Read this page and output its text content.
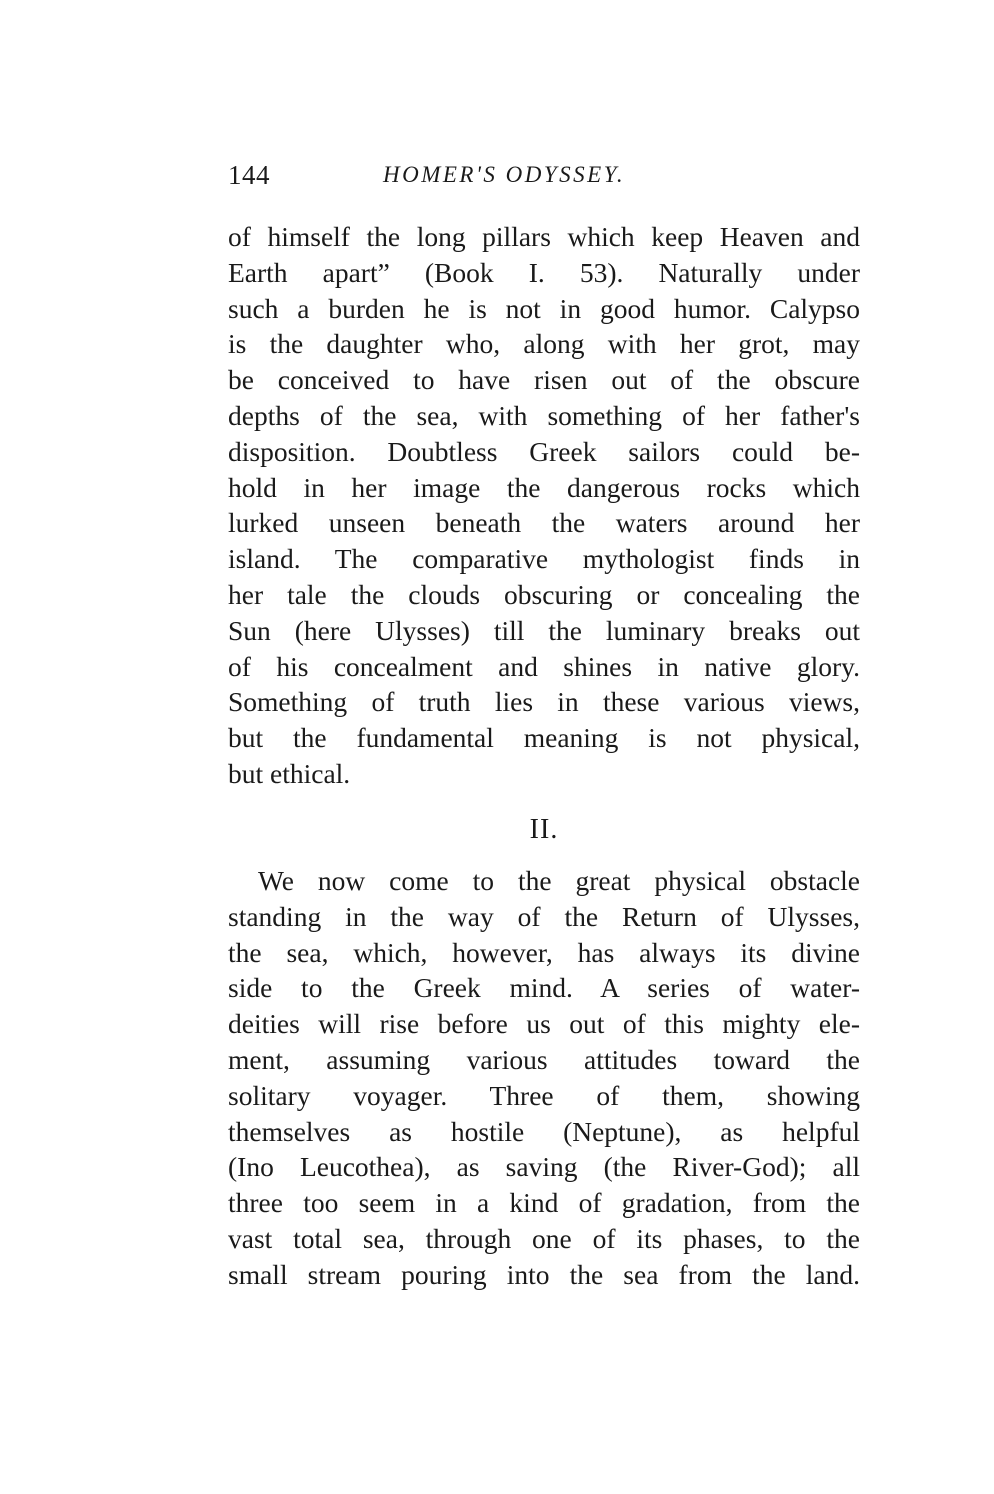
144	HOMER'S ODYSSEY.
of himself the long pillars which keep Heaven and
Earth apart” (Book I. 53). Naturally under
such a burden he is not in good humor. Calypso
is the daughter who, along with her grot, may
be conceived to have risen out of the obscure
depths of the sea, with something of her father's
disposition. Doubtless Greek sailors could be-
hold in her image the dangerous rocks which
lurked unseen beneath the waters around her
island. The comparative mythologist finds in
her tale the clouds obscuring or concealing the
Sun (here Ulysses) till the luminary breaks out
of his concealment and shines in native glory.
Something of truth lies in these various views,
but the fundamental meaning is not physical,
but ethical.
II.
We now come to the great physical obstacle
standing in the way of the Return of Ulysses,
the sea, which, however, has always its divine
side to the Greek mind. A series of water-
deities will rise before us out of this mighty ele-
ment, assuming various attitudes toward the
solitary voyager. Three of them, showing
themselves as hostile (Neptune), as helpful
(Ino Leucothea), as saving (the River-God); all
three too seem in a kind of gradation, from the
vast total sea, through one of its phases, to the
small stream pouring into the sea from the land.
